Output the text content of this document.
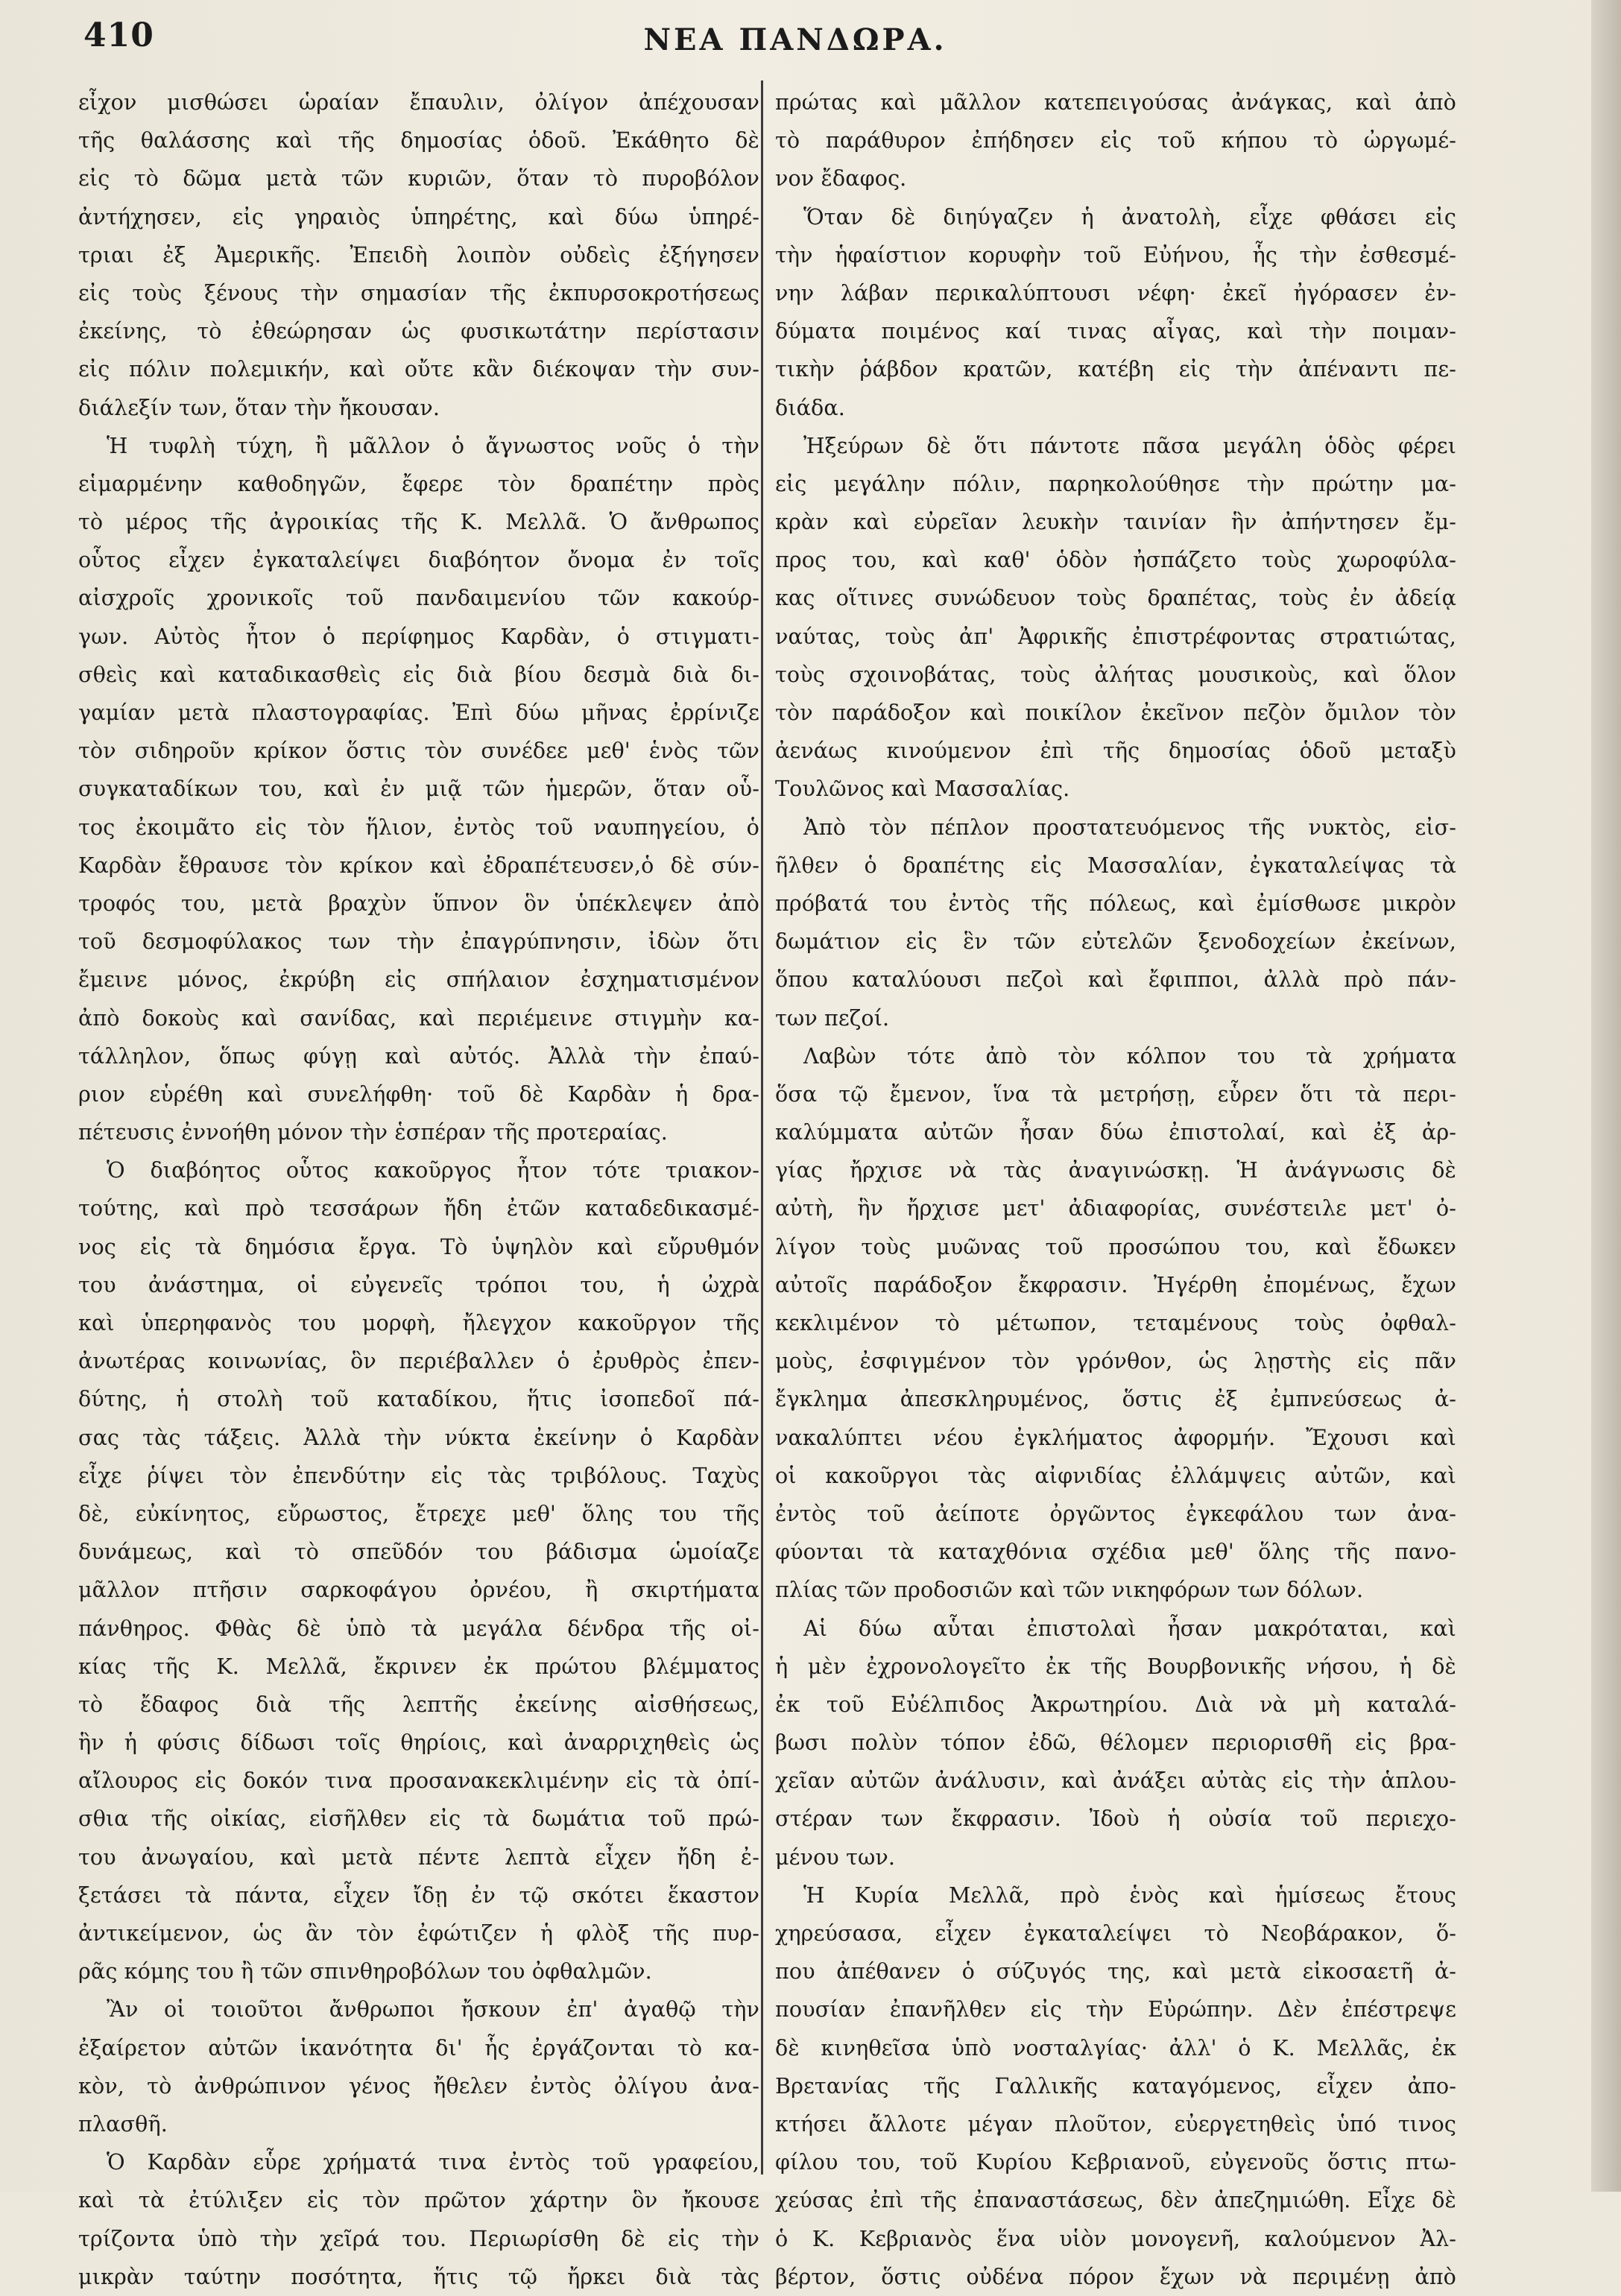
410	ΝΕΑ ΠΑΝΔΩΡΑ.
εἶχον μισθώσει ὡραίαν ἔπαυλιν, ὀλίγον ἀπέχουσαν
τῆς θαλάσσης καὶ τῆς δημοσίας ὁδοῦ. Ἐκάθητο δὲ
εἰς τὸ δῶμα μετὰ τῶν κυριῶν, ὅταν τὸ πυροβόλον
ἀντήχησεν, εἰς γηραιὸς ὑπηρέτης, καὶ δύω ὑπηρέ-
τριαι ἐξ Ἀμερικῆς. Ἐπειδὴ λοιπὸν οὐδεὶς ἐξήγησεν
εἰς τοὺς ξένους τὴν σημασίαν τῆς ἐκπυρσοκροτήσεως
ἐκείνης, τὸ ἐθεώρησαν ὡς φυσικωτάτην περίστασιν
εἰς πόλιν πολεμικήν, καὶ οὔτε κἂν διέκοψαν τὴν συν-
διάλεξίν των, ὅταν τὴν ἤκουσαν.
Ἡ τυφλὴ τύχη, ἢ μᾶλλον ὁ ἄγνωστος νοῦς ὁ τὴν
εἱμαρμένην καθοδηγῶν, ἔφερε τὸν δραπέτην πρὸς
τὸ μέρος τῆς ἀγροικίας τῆς Κ. Μελλᾶ. Ὁ ἄνθρωπος
οὗτος εἶχεν ἐγκαταλείψει διαβόητον ὄνομα ἐν τοῖς
αἰσχροῖς χρονικοῖς τοῦ πανδαιμενίου τῶν κακούρ-
γων. Αὐτὸς ἦτον ὁ περίφημος Καρδὰν, ὁ στιγματι-
σθεὶς καὶ καταδικασθεὶς εἰς διὰ βίου δεσμὰ διὰ δι-
γαμίαν μετὰ πλαστογραφίας. Ἐπὶ δύω μῆνας ἐρρίνιζε
τὸν σιδηροῦν κρίκον ὅστις τὸν συνέδεε μεθ' ἑνὸς τῶν
συγκαταδίκων του, καὶ ἐν μιᾷ τῶν ἡμερῶν, ὅταν οὗ-
τος ἐκοιμᾶτο εἰς τὸν ἥλιον, ἐντὸς τοῦ ναυπηγείου, ὁ
Καρδὰν ἔθραυσε τὸν κρίκον καὶ ἐδραπέτευσεν,ὁ δὲ σύν-
τροφός του, μετὰ βραχὺν ὕπνον ὃν ὑπέκλεψεν ἀπὸ
τοῦ δεσμοφύλακος των τὴν ἐπαγρύπνησιν, ἰδὼν ὅτι
ἔμεινε μόνος, ἐκρύβη εἰς σπήλαιον ἐσχηματισμένον
ἀπὸ δοκοὺς καὶ σανίδας, καὶ περιέμεινε στιγμὴν κα-
τάλληλον, ὅπως φύγῃ καὶ αὐτός. Ἀλλὰ τὴν ἐπαύ-
ριον εὑρέθη καὶ συνελήφθη· τοῦ δὲ Καρδὰν ἡ δρα-
πέτευσις ἐννοήθη μόνον τὴν ἑσπέραν τῆς προτεραίας.
Ὁ διαβόητος οὗτος κακοῦργος ἦτον τότε τριακον-
τούτης, καὶ πρὸ τεσσάρων ἤδη ἐτῶν καταδεδικασμέ-
νος εἰς τὰ δημόσια ἔργα. Τὸ ὑψηλὸν καὶ εὔρυθμόν
του ἀνάστημα, οἱ εὐγενεῖς τρόποι του, ἡ ὠχρὰ
καὶ ὑπερηφανὸς του μορφὴ, ἤλεγχον κακοῦργον τῆς
ἀνωτέρας κοινωνίας, ὃν περιέβαλλεν ὁ ἐρυθρὸς ἐπεν-
δύτης, ἡ στολὴ τοῦ καταδίκου, ἥτις ἰσοπεδοῖ πά-
σας τὰς τάξεις. Ἀλλὰ τὴν νύκτα ἐκείνην ὁ Καρδὰν
εἶχε ῥίψει τὸν ἐπενδύτην εἰς τὰς τριβόλους. Ταχὺς
δὲ, εὐκίνητος, εὔρωστος, ἔτρεχε μεθ' ὅλης του τῆς
δυνάμεως, καὶ τὸ σπεῦδόν του βάδισμα ὡμοίαζε
μᾶλλον πτῆσιν σαρκοφάγου ὀρνέου, ἢ σκιρτήματα
πάνθηρος. Φθὰς δὲ ὑπὸ τὰ μεγάλα δένδρα τῆς οἰ-
κίας τῆς Κ. Μελλᾶ, ἔκρινεν ἐκ πρώτου βλέμματος
τὸ ἔδαφος διὰ τῆς λεπτῆς ἐκείνης αἰσθήσεως,
ἣν ἡ φύσις δίδωσι τοῖς θηρίοις, καὶ ἀναρριχηθεὶς ὡς
αἴλουρος εἰς δοκόν τινα προσανακεκλιμένην εἰς τὰ ὀπί-
σθια τῆς οἰκίας, εἰσῆλθεν εἰς τὰ δωμάτια τοῦ πρώ-
του ἀνωγαίου, καὶ μετὰ πέντε λεπτὰ εἶχεν ἤδη ἐ-
ξετάσει τὰ πάντα, εἶχεν ἴδῃ ἐν τῷ σκότει ἕκαστον
ἀντικείμενον, ὡς ἂν τὸν ἐφώτιζεν ἡ φλὸξ τῆς πυρ-
ρᾶς κόμης του ἢ τῶν σπινθηροβόλων του ὀφθαλμῶν.
Ἂν οἱ τοιοῦτοι ἄνθρωποι ἤσκουν ἐπ' ἀγαθῷ τὴν
ἐξαίρετον αὐτῶν ἱκανότητα δι' ἧς ἐργάζονται τὸ κα-
κὸν, τὸ ἀνθρώπινον γένος ἤθελεν ἐντὸς ὀλίγου ἀνα-
πλασθῆ.
Ὁ Καρδὰν εὗρε χρήματά τινα ἐντὸς τοῦ γραφείου,
καὶ τὰ ἐτύλιξεν εἰς τὸν πρῶτον χάρτην ὃν ἤκουσε
τρίζοντα ὑπὸ τὴν χεῖρά του. Περιωρίσθη δὲ εἰς τὴν
μικρὰν ταύτην ποσότητα, ἥτις τῷ ἤρκει διὰ τὰς
πρώτας καὶ μᾶλλον κατεπειγούσας ἀνάγκας, καὶ ἀπὸ
τὸ παράθυρον ἐπήδησεν εἰς τοῦ κήπου τὸ ὠργωμέ-
νον ἔδαφος.
Ὅταν δὲ διηύγαζεν ἡ ἀνατολὴ, εἶχε φθάσει εἰς
τὴν ἡφαίστιον κορυφὴν τοῦ Εὐήνου, ἧς τὴν ἐσθεσμέ-
νην λάβαν περικαλύπτουσι νέφη· ἐκεῖ ἠγόρασεν ἐν-
δύματα ποιμένος καί τινας αἶγας, καὶ τὴν ποιμαν-
τικὴν ῥάβδον κρατῶν, κατέβη εἰς τὴν ἀπέναντι πε-
διάδα.
Ἠξεύρων δὲ ὅτι πάντοτε πᾶσα μεγάλη ὁδὸς φέρει
εἰς μεγάλην πόλιν, παρηκολούθησε τὴν πρώτην μα-
κρὰν καὶ εὐρεῖαν λευκὴν ταινίαν ἣν ἀπήντησεν ἔμ-
προς του, καὶ καθ' ὁδὸν ἠσπάζετο τοὺς χωροφύλα-
κας οἵτινες συνώδευον τοὺς δραπέτας, τοὺς ἐν ἀδείᾳ
ναύτας, τοὺς ἀπ' Ἀφρικῆς ἐπιστρέφοντας στρατιώτας,
τοὺς σχοινοβάτας, τοὺς ἀλήτας μουσικοὺς, καὶ ὅλον
τὸν παράδοξον καὶ ποικίλον ἐκεῖνον πεζὸν ὄμιλον τὸν
ἀενάως κινούμενον ἐπὶ τῆς δημοσίας ὁδοῦ μεταξὺ
Τουλῶνος καὶ Μασσαλίας.
Ἀπὸ τὸν πέπλον προστατευόμενος τῆς νυκτὸς, εἰσ-
ῆλθεν ὁ δραπέτης εἰς Μασσαλίαν, ἐγκαταλείψας τὰ
πρόβατά του ἐντὸς τῆς πόλεως, καὶ ἐμίσθωσε μικρὸν
δωμάτιον εἰς ἓν τῶν εὐτελῶν ξενοδοχείων ἐκείνων,
ὅπου καταλύουσι πεζοὶ καὶ ἔφιπποι, ἀλλὰ πρὸ πάν-
των πεζοί.
Λαβὼν τότε ἀπὸ τὸν κόλπον του τὰ χρήματα
ὅσα τῷ ἔμενον, ἵνα τὰ μετρήσῃ, εὗρεν ὅτι τὰ περι-
καλύμματα αὐτῶν ἦσαν δύω ἐπιστολαί, καὶ ἐξ ἀρ-
γίας ἤρχισε νὰ τὰς ἀναγινώσκῃ. Ἡ ἀνάγνωσις δὲ
αὐτὴ, ἣν ἤρχισε μετ' ἀδιαφορίας, συνέστειλε μετ' ὀ-
λίγον τοὺς μυῶνας τοῦ προσώπου του, καὶ ἔδωκεν
αὐτοῖς παράδοξον ἔκφρασιν. Ἠγέρθη ἐπομένως, ἔχων
κεκλιμένον τὸ μέτωπον, τεταμένους τοὺς ὀφθαλ-
μοὺς, ἐσφιγμένον τὸν γρόνθον, ὡς λῃστὴς εἰς πᾶν
ἔγκλημα ἀπεσκληρυμένος, ὅστις ἐξ ἐμπνεύσεως ἀ-
νακαλύπτει νέου ἐγκλήματος ἀφορμήν. Ἔχουσι καὶ
οἱ κακοῦργοι τὰς αἰφνιδίας ἐλλάμψεις αὐτῶν, καὶ
ἐντὸς τοῦ ἀείποτε ὀργῶντος ἐγκεφάλου των ἀνα-
φύονται τὰ καταχθόνια σχέδια μεθ' ὅλης τῆς πανο-
πλίας τῶν προδοσιῶν καὶ τῶν νικηφόρων των δόλων.
Αἱ δύω αὗται ἐπιστολαὶ ἦσαν μακρόταται, καὶ
ἡ μὲν ἐχρονολογεῖτο ἐκ τῆς Βουρβονικῆς νήσου, ἡ δὲ
ἐκ τοῦ Εὐέλπιδος Ἀκρωτηρίου. Διὰ νὰ μὴ καταλά-
βωσι πολὺν τόπον ἐδῶ, θέλομεν περιορισθῆ εἰς βρα-
χεῖαν αὐτῶν ἀνάλυσιν, καὶ ἀνάξει αὐτὰς εἰς τὴν ἁπλου-
στέραν των ἔκφρασιν. Ἰδοὺ ἡ οὐσία τοῦ περιεχο-
μένου των.
Ἡ Κυρία Μελλᾶ, πρὸ ἑνὸς καὶ ἡμίσεως ἔτους
χηρεύσασα, εἶχεν ἐγκαταλείψει τὸ Νεοβάρακον, ὅ-
που ἀπέθανεν ὁ σύζυγός της, καὶ μετὰ εἰκοσαετῆ ἀ-
πουσίαν ἐπανῆλθεν εἰς τὴν Εὐρώπην. Δὲν ἐπέστρεψε
δὲ κινηθεῖσα ὑπὸ νοσταλγίας· ἀλλ' ὁ Κ. Μελλᾶς, ἐκ
Βρετανίας τῆς Γαλλικῆς καταγόμενος, εἶχεν ἀπο-
κτήσει ἄλλοτε μέγαν πλοῦτον, εὐεργετηθεὶς ὑπό τινος
φίλου του, τοῦ Κυρίου Κεβριανοῦ, εὐγενοῦς ὅστις πτω-
χεύσας ἐπὶ τῆς ἐπαναστάσεως, δὲν ἀπεζημιώθη. Εἶχε δὲ
ὁ Κ. Κεβριανὸς ἕνα υἱὸν μονογενῆ, καλούμενον Ἀλ-
βέρτον, ὅστις οὐδένα πόρον ἔχων νὰ περιμένῃ ἀπὸ
